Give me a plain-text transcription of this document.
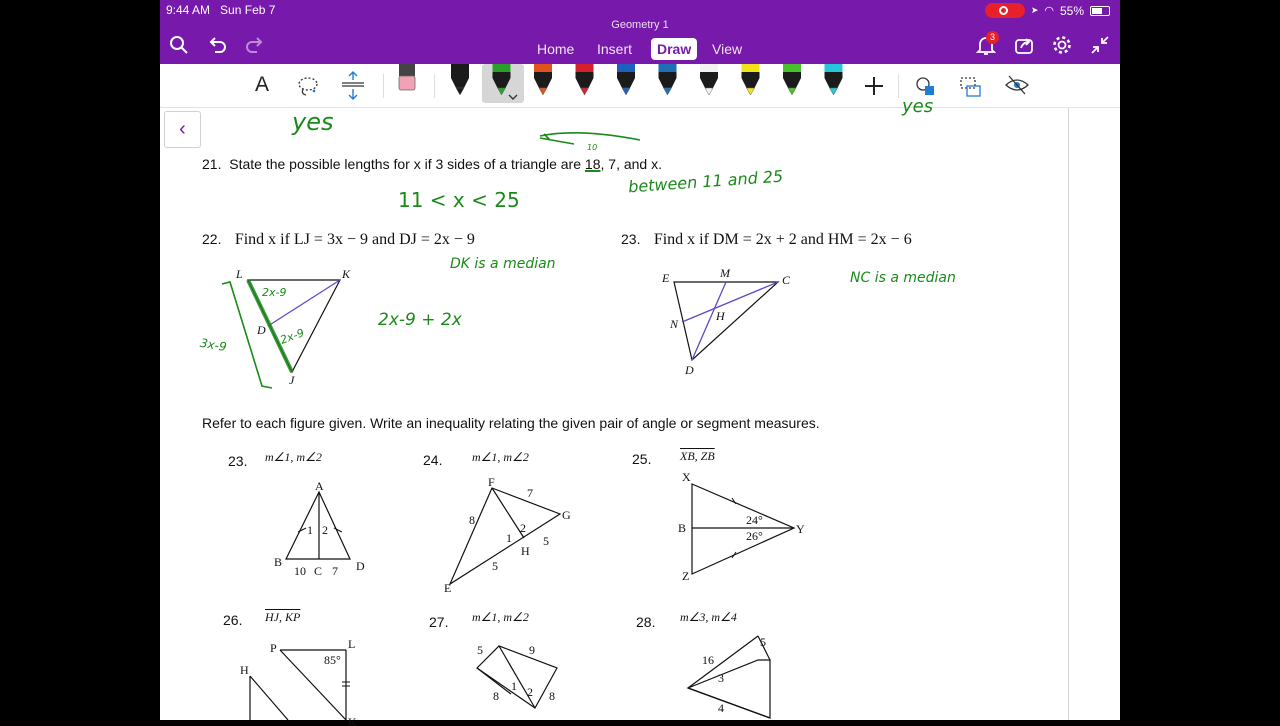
9:44 AM Sun Feb 7	➤ ◠ 55%
Geometry 1
Home Insert	Draw	View
3
A
‹	yes
yes
10
21. State the possible lengths for x if 3 sides of a triangle are 18, 7, and x.
11 < x < 25
between 11 and 25
22. Find x if LJ = 3x − 9 and DJ = 2x − 9	23. Find x if DM = 2x + 2 and HM = 2x − 6
DK is a median
NC is a median
2x-9 + 2x
L	K
D
J
2x-9
2x-9
3x-9
E	M	C
N
H
D
Refer to each figure given. Write an inequality relating the given pair of angle or segment measures.
23. m∠1, m∠2	24. m∠1, m∠2	25. XB, ZB
26. HJ, KP	27. m∠1, m∠2	28. m∠3, m∠4
A
B
C	D
10 7
1 2
F
G
H
E
7
8
5
5
1
2
X
B	Y
Z
24°
26°
P	L
H
K
85°
5	9
8	8
1 2
16
5
3
4
